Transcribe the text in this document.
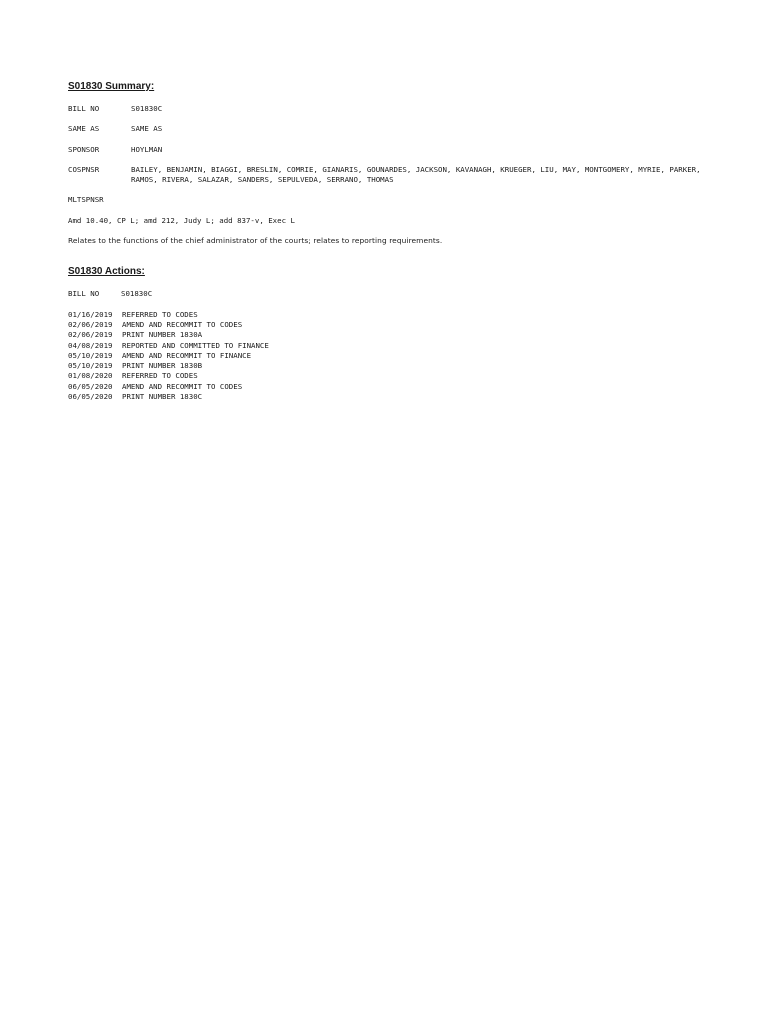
S01830 Summary:
BILL NO	S01830C
SAME AS	SAME AS
SPONSOR	HOYLMAN
COSPNSR	BAILEY, BENJAMIN, BIAGGI, BRESLIN, COMRIE, GIANARIS, GOUNARDES, JACKSON, KAVANAGH, KRUEGER, LIU, MAY, MONTGOMERY, MYRIE, PARKER, RAMOS, RIVERA, SALAZAR, SANDERS, SEPULVEDA, SERRANO, THOMAS
MLTSPNSR
Amd 10.40, CP L; amd 212, Judy L; add 837-v, Exec L
Relates to the functions of the chief administrator of the courts; relates to reporting requirements.
S01830 Actions:
BILL NO	S01830C
01/16/2019	REFERRED TO CODES
02/06/2019	AMEND AND RECOMMIT TO CODES
02/06/2019	PRINT NUMBER 1830A
04/08/2019	REPORTED AND COMMITTED TO FINANCE
05/10/2019	AMEND AND RECOMMIT TO FINANCE
05/10/2019	PRINT NUMBER 1830B
01/08/2020	REFERRED TO CODES
06/05/2020	AMEND AND RECOMMIT TO CODES
06/05/2020	PRINT NUMBER 1830C
